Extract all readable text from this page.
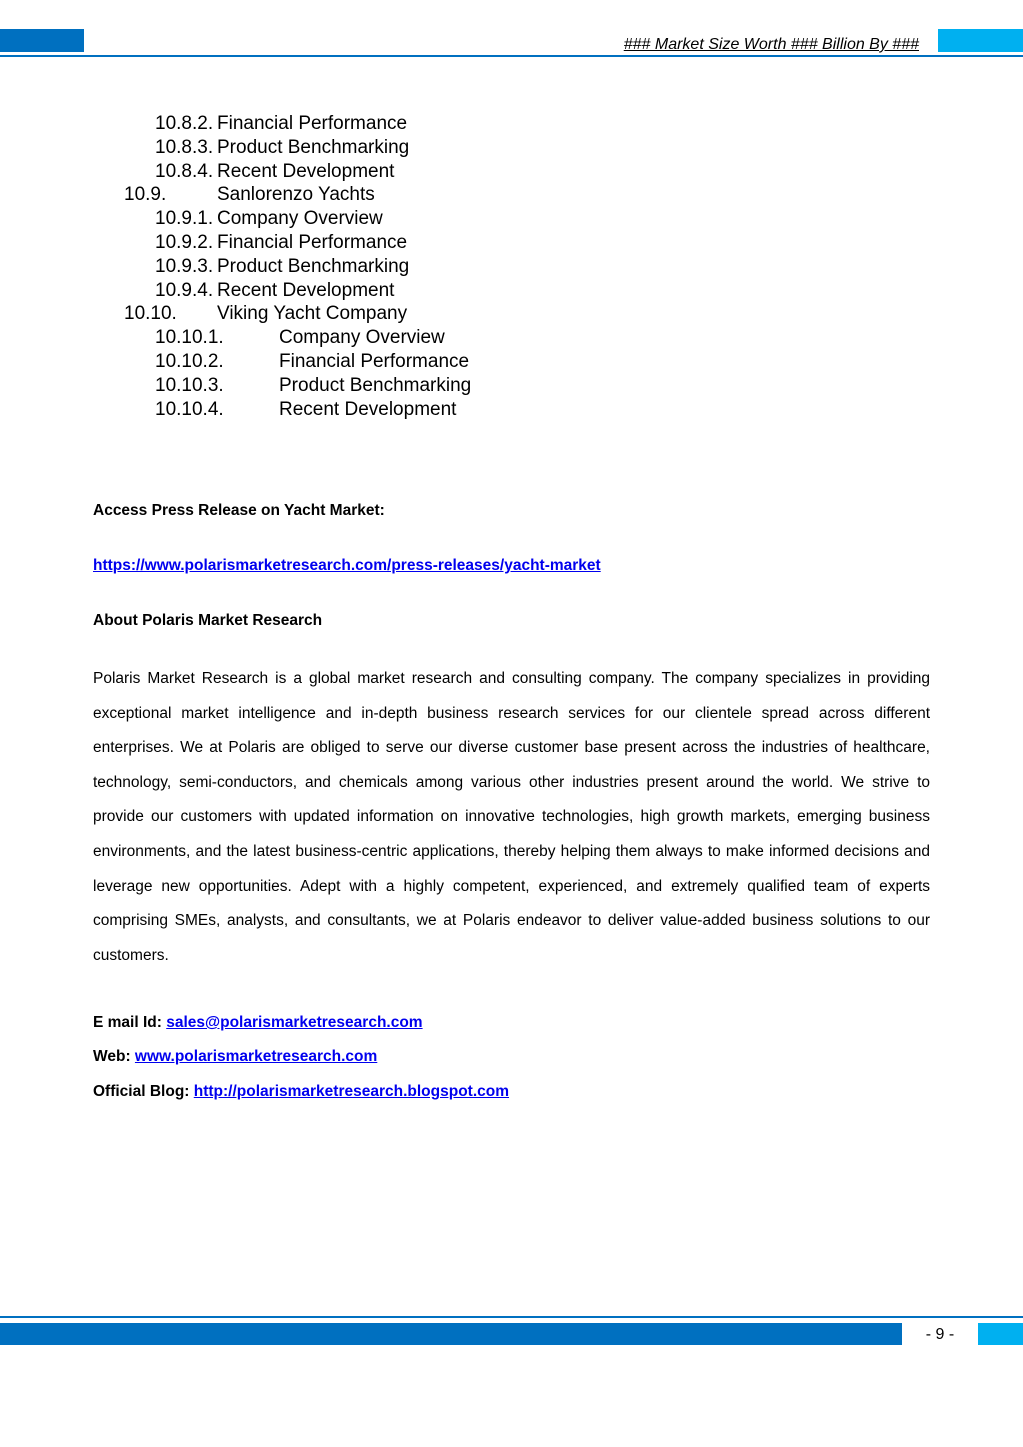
### Market Size Worth ### Billion By ###
10.8.2. Financial Performance
10.8.3. Product Benchmarking
10.8.4. Recent Development
10.9.	Sanlorenzo Yachts
10.9.1. Company Overview
10.9.2. Financial Performance
10.9.3. Product Benchmarking
10.9.4. Recent Development
10.10. Viking Yacht Company
10.10.1.	Company Overview
10.10.2.	Financial Performance
10.10.3.	Product Benchmarking
10.10.4.	Recent Development
Access Press Release on Yacht Market:
https://www.polarismarketresearch.com/press-releases/yacht-market
About Polaris Market Research
Polaris Market Research is a global market research and consulting company. The company specializes in providing exceptional market intelligence and in-depth business research services for our clientele spread across different enterprises. We at Polaris are obliged to serve our diverse customer base present across the industries of healthcare, technology, semi-conductors, and chemicals among various other industries present around the world. We strive to provide our customers with updated information on innovative technologies, high growth markets, emerging business environments, and the latest business-centric applications, thereby helping them always to make informed decisions and leverage new opportunities. Adept with a highly competent, experienced, and extremely qualified team of experts comprising SMEs, analysts, and consultants, we at Polaris endeavor to deliver value-added business solutions to our customers.
E mail Id: sales@polarismarketresearch.com
Web: www.polarismarketresearch.com
Official Blog: http://polarismarketresearch.blogspot.com
- 9 -
